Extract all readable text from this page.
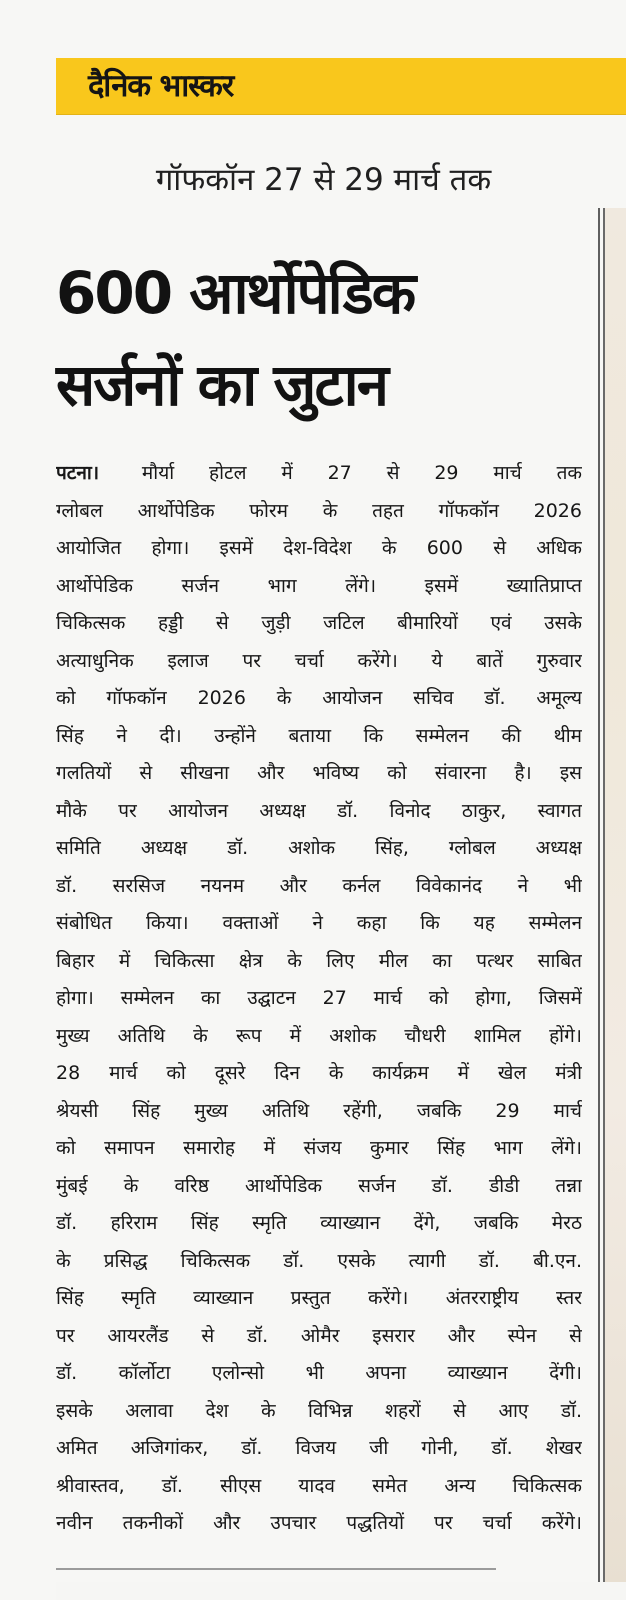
दैनिक भास्कर
गॉफकॉन 27 से 29 मार्च तक
600 आर्थोपेडिक
सर्जनों का जुटान
पटना। मौर्या होटल में 27 से 29 मार्च तक
ग्लोबल आर्थोपेडिक फोरम के तहत गॉफकॉन 2026
आयोजित होगा। इसमें देश-विदेश के 600 से अधिक
आर्थोपेडिक सर्जन भाग लेंगे। इसमें ख्यातिप्राप्त
चिकित्सक हड्डी से जुड़ी जटिल बीमारियों एवं उसके
अत्याधुनिक इलाज पर चर्चा करेंगे। ये बातें गुरुवार
को गॉफकॉन 2026 के आयोजन सचिव डॉ. अमूल्य
सिंह ने दी। उन्होंने बताया कि सम्मेलन की थीम
गलतियों से सीखना और भविष्य को संवारना है। इस
मौके पर आयोजन अध्यक्ष डॉ. विनोद ठाकुर, स्वागत
समिति अध्यक्ष डॉ. अशोक सिंह, ग्लोबल अध्यक्ष
डॉ. सरसिज नयनम और कर्नल विवेकानंद ने भी
संबोधित किया। वक्ताओं ने कहा कि यह सम्मेलन
बिहार में चिकित्सा क्षेत्र के लिए मील का पत्थर साबित
होगा। सम्मेलन का उद्घाटन 27 मार्च को होगा, जिसमें
मुख्य अतिथि के रूप में अशोक चौधरी शामिल होंगे।
28 मार्च को दूसरे दिन के कार्यक्रम में खेल मंत्री
श्रेयसी सिंह मुख्य अतिथि रहेंगी, जबकि 29 मार्च
को समापन समारोह में संजय कुमार सिंह भाग लेंगे।
मुंबई के वरिष्ठ आर्थोपेडिक सर्जन डॉ. डीडी तन्ना
डॉ. हरिराम सिंह स्मृति व्याख्यान देंगे, जबकि मेरठ
के प्रसिद्ध चिकित्सक डॉ. एसके त्यागी डॉ. बी.एन.
सिंह स्मृति व्याख्यान प्रस्तुत करेंगे। अंतरराष्ट्रीय स्तर
पर आयरलैंड से डॉ. ओमैर इसरार और स्पेन से
डॉ. कॉर्लोटा एलोन्सो भी अपना व्याख्यान देंगी।
इसके अलावा देश के विभिन्न शहरों से आए डॉ.
अमित अजिगांकर, डॉ. विजय जी गोनी, डॉ. शेखर
श्रीवास्तव, डॉ. सीएस यादव समेत अन्य चिकित्सक
नवीन तकनीकों और उपचार पद्धतियों पर चर्चा करेंगे।
